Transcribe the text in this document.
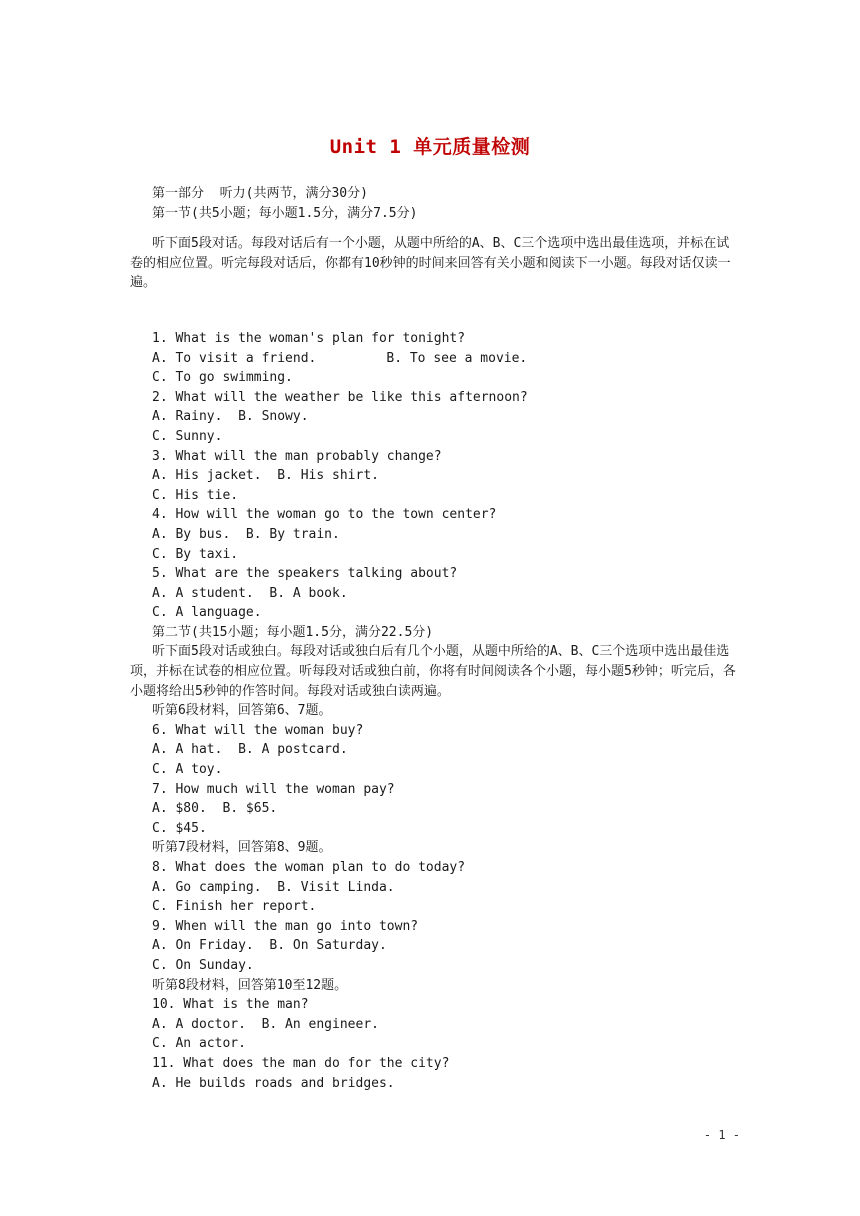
Unit 1 单元质量检测
第一部分  听力(共两节，满分30分)
第一节(共5小题；每小题1.5分，满分7.5分)
听下面5段对话。每段对话后有一个小题，从题中所给的A、B、C三个选项中选出最佳选项，并标在试卷的相应位置。听完每段对话后，你都有10秒钟的时间来回答有关小题和阅读下一小题。每段对话仅读一遍。
1. What is the woman's plan for tonight?
A. To visit a friend.	B. To see a movie.
C. To go swimming.
2. What will the weather be like this afternoon?
A. Rainy.  B. Snowy.
C. Sunny.
3. What will the man probably change?
A. His jacket.  B. His shirt.
C. His tie.
4. How will the woman go to the town center?
A. By bus.  B. By train.
C. By taxi.
5. What are the speakers talking about?
A. A student.  B. A book.
C. A language.
第二节(共15小题；每小题1.5分，满分22.5分)
听下面5段对话或独白。每段对话或独白后有几个小题，从题中所给的A、B、C三个选项中选出最佳选项，并标在试卷的相应位置。听每段对话或独白前，你将有时间阅读各个小题，每小题5秒钟；听完后，各小题将给出5秒钟的作答时间。每段对话或独白读两遍。
听第6段材料，回答第6、7题。
6. What will the woman buy?
A. A hat.  B. A postcard.
C. A toy.
7. How much will the woman pay?
A. $80.  B. $65.
C. $45.
听第7段材料，回答第8、9题。
8. What does the woman plan to do today?
A. Go camping.  B. Visit Linda.
C. Finish her report.
9. When will the man go into town?
A. On Friday.  B. On Saturday.
C. On Sunday.
听第8段材料，回答第10至12题。
10. What is the man?
A. A doctor.  B. An engineer.
C. An actor.
11. What does the man do for the city?
A. He builds roads and bridges.
- 1 -
